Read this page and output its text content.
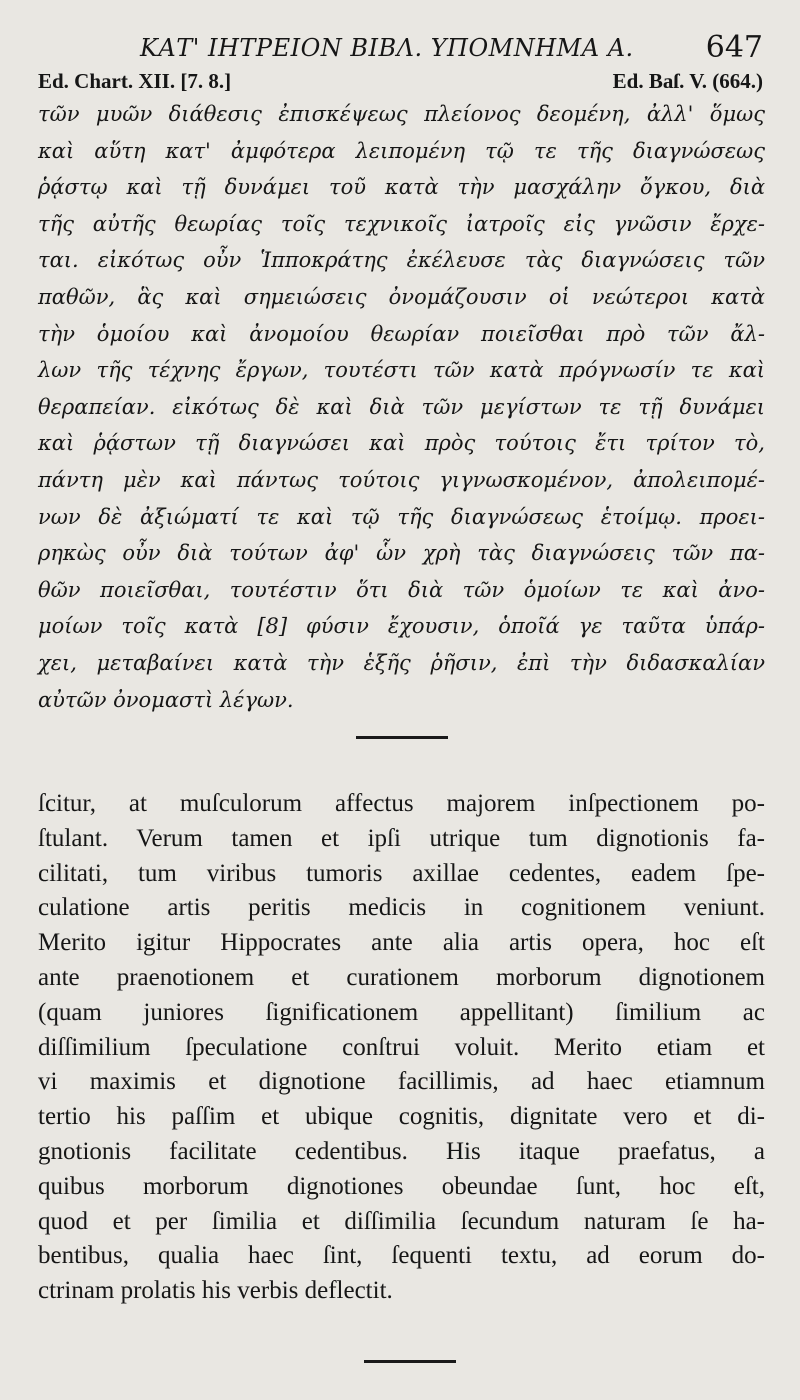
ΚΑΤ' ΙΗΤΡΕΙΟΝ ΒΙΒΛ. ΥΠΟΜΝΗΜΑ Α. 647
Ed. Chart. XII. [7. 8.]	Ed. Baſ. V. (664.)
τῶν μυῶν διάθεσις ἐπισκέψεως πλείονος δεομένη, ἀλλ' ὅμως
καὶ αὕτη κατ' ἀμφότερα λειπομένη τῷ τε τῆς διαγνώσεως
ῥᾴστῳ καὶ τῇ δυνάμει τοῦ κατὰ τὴν μασχάλην ὄγκου, διὰ
τῆς αὐτῆς θεωρίας τοῖς τεχνικοῖς ἰατροῖς εἰς γνῶσιν ἔρχε-
ται. εἰκότως οὖν Ἱπποκράτης ἐκέλευσε τὰς διαγνώσεις τῶν
παθῶν, ἃς καὶ σημειώσεις ὀνομάζουσιν οἱ νεώτεροι κατὰ
τὴν ὁμοίου καὶ ἀνομοίου θεωρίαν ποιεῖσθαι πρὸ τῶν ἄλ-
λων τῆς τέχνης ἔργων, τουτέστι τῶν κατὰ πρόγνωσίν τε καὶ
θεραπείαν. εἰκότως δὲ καὶ διὰ τῶν μεγίστων τε τῇ δυνάμει
καὶ ῥᾴστων τῇ διαγνώσει καὶ πρὸς τούτοις ἔτι τρίτον τὸ,
πάντη μὲν καὶ πάντως τούτοις γιγνωσκομένον, ἀπολειπομέ-
νων δὲ ἀξιώματί τε καὶ τῷ τῆς διαγνώσεως ἑτοίμῳ. προει-
ρηκὼς οὖν διὰ τούτων ἀφ' ὧν χρὴ τὰς διαγνώσεις τῶν πα-
θῶν ποιεῖσθαι, τουτέστιν ὅτι διὰ τῶν ὁμοίων τε καὶ ἀνο-
μοίων τοῖς κατὰ [8] φύσιν ἔχουσιν, ὁποῖά γε ταῦτα ὑπάρ-
χει, μεταβαίνει κατὰ τὴν ἑξῆς ῥῆσιν, ἐπὶ τὴν διδασκαλίαν
αὐτῶν ὀνομαστὶ λέγων.
ſcitur, at muſculorum affectus majorem inſpectionem po-
ſtulant. Verum tamen et ipſi utrique tum dignotionis fa-
cilitati, tum viribus tumoris axillae cedentes, eadem ſpe-
culatione artis peritis medicis in cognitionem veniunt.
Merito igitur Hippocrates ante alia artis opera, hoc eſt
ante praenotionem et curationem morborum dignotionem
(quam juniores ſignificationem appellitant) ſimilium ac
diſſimilium ſpeculatione conſtrui voluit. Merito etiam et
vi maximis et dignotione facillimis, ad haec etiamnum
tertio his paſſim et ubique cognitis, dignitate vero et di-
gnotionis facilitate cedentibus. His itaque praefatus, a
quibus morborum dignotiones obeundae ſunt, hoc eſt,
quod et per ſimilia et diſſimilia ſecundum naturam ſe ha-
bentibus, qualia haec ſint, ſequenti textu, ad eorum do-
ctrinam prolatis his verbis deflectit.
